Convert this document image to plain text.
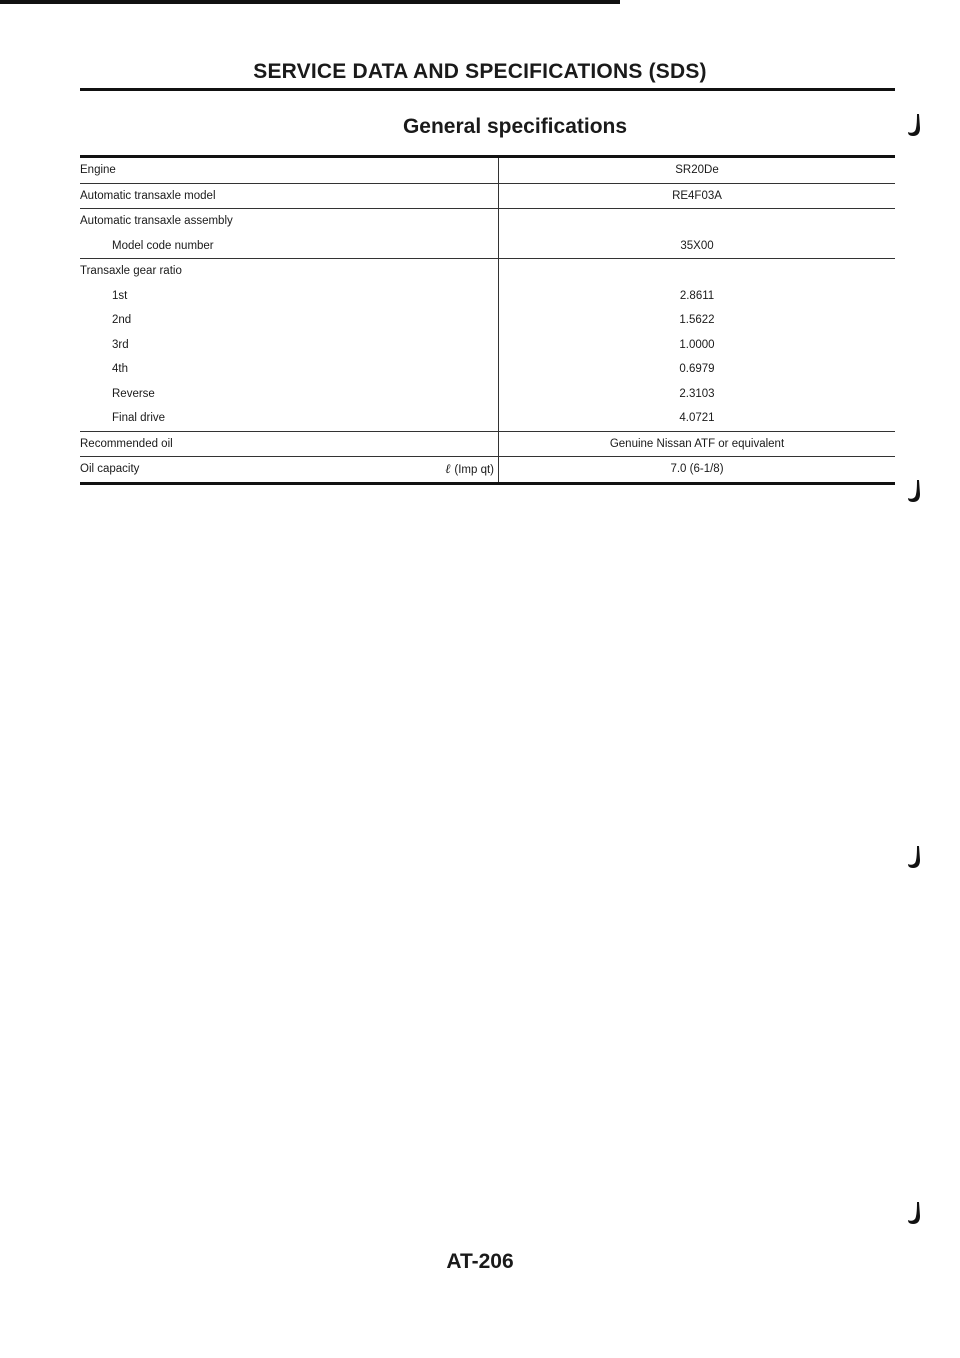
SERVICE DATA AND SPECIFICATIONS (SDS)
General specifications
Engine	SR20De
Automatic transaxle model	RE4F03A
Automatic transaxle assembly
Model code number	35X00
Transaxle gear ratio
1st	2.8611
2nd	1.5622
3rd	1.0000
4th	0.6979
Reverse	2.3103
Final drive	4.0721
Recommended oil	Genuine Nissan ATF or equivalent
Oil capacity	ℓ (Imp qt)	7.0 (6-1/8)
AT-206
